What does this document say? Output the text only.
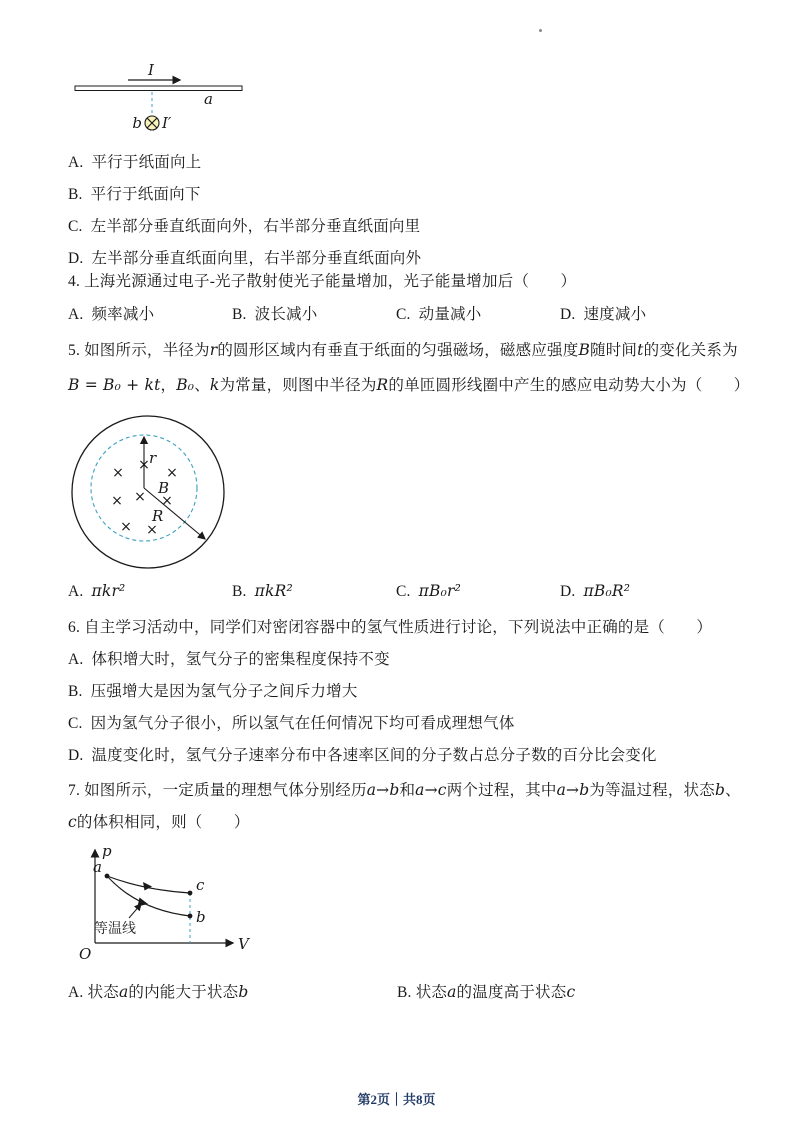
I
a
b I′
A. 平行于纸面向上
B. 平行于纸面向下
C. 左半部分垂直纸面向外，右半部分垂直纸面向里
D. 左半部分垂直纸面向里，右半部分垂直纸面向外
4. 上海光源通过电子-光子散射使光子能量增加，光子能量增加后（　　）
A. 频率减小	B. 波长减小	C. 动量减小	D. 速度减小
5. 如图所示，半径为r的圆形区域内有垂直于纸面的匀强磁场，磁感应强度B随时间t的变化关系为
B = B₀ + kt，B₀、k为常量，则图中半径为R的单匝圆形线圈中产生的感应电动势大小为（　　）
× × ×
× × ×
× ×
r
B
R
A. πkr²	B. πkR²	C. πB₀r²	D. πB₀R²
6. 自主学习活动中，同学们对密闭容器中的氢气性质进行讨论，下列说法中正确的是（　　）
A. 体积增大时，氢气分子的密集程度保持不变
B. 压强增大是因为氢气分子之间斥力增大
C. 因为氢气分子很小，所以氢气在任何情况下均可看成理想气体
D. 温度变化时，氢气分子速率分布中各速率区间的分子数占总分子数的百分比会变化
7. 如图所示，一定质量的理想气体分别经历a→b和a→c两个过程，其中a→b为等温过程，状态b、
c的体积相同，则（　　）
p
V
O
a
c
b
等温线
A. 状态a的内能大于状态b	B. 状态a的温度高于状态c
第2页｜共8页
